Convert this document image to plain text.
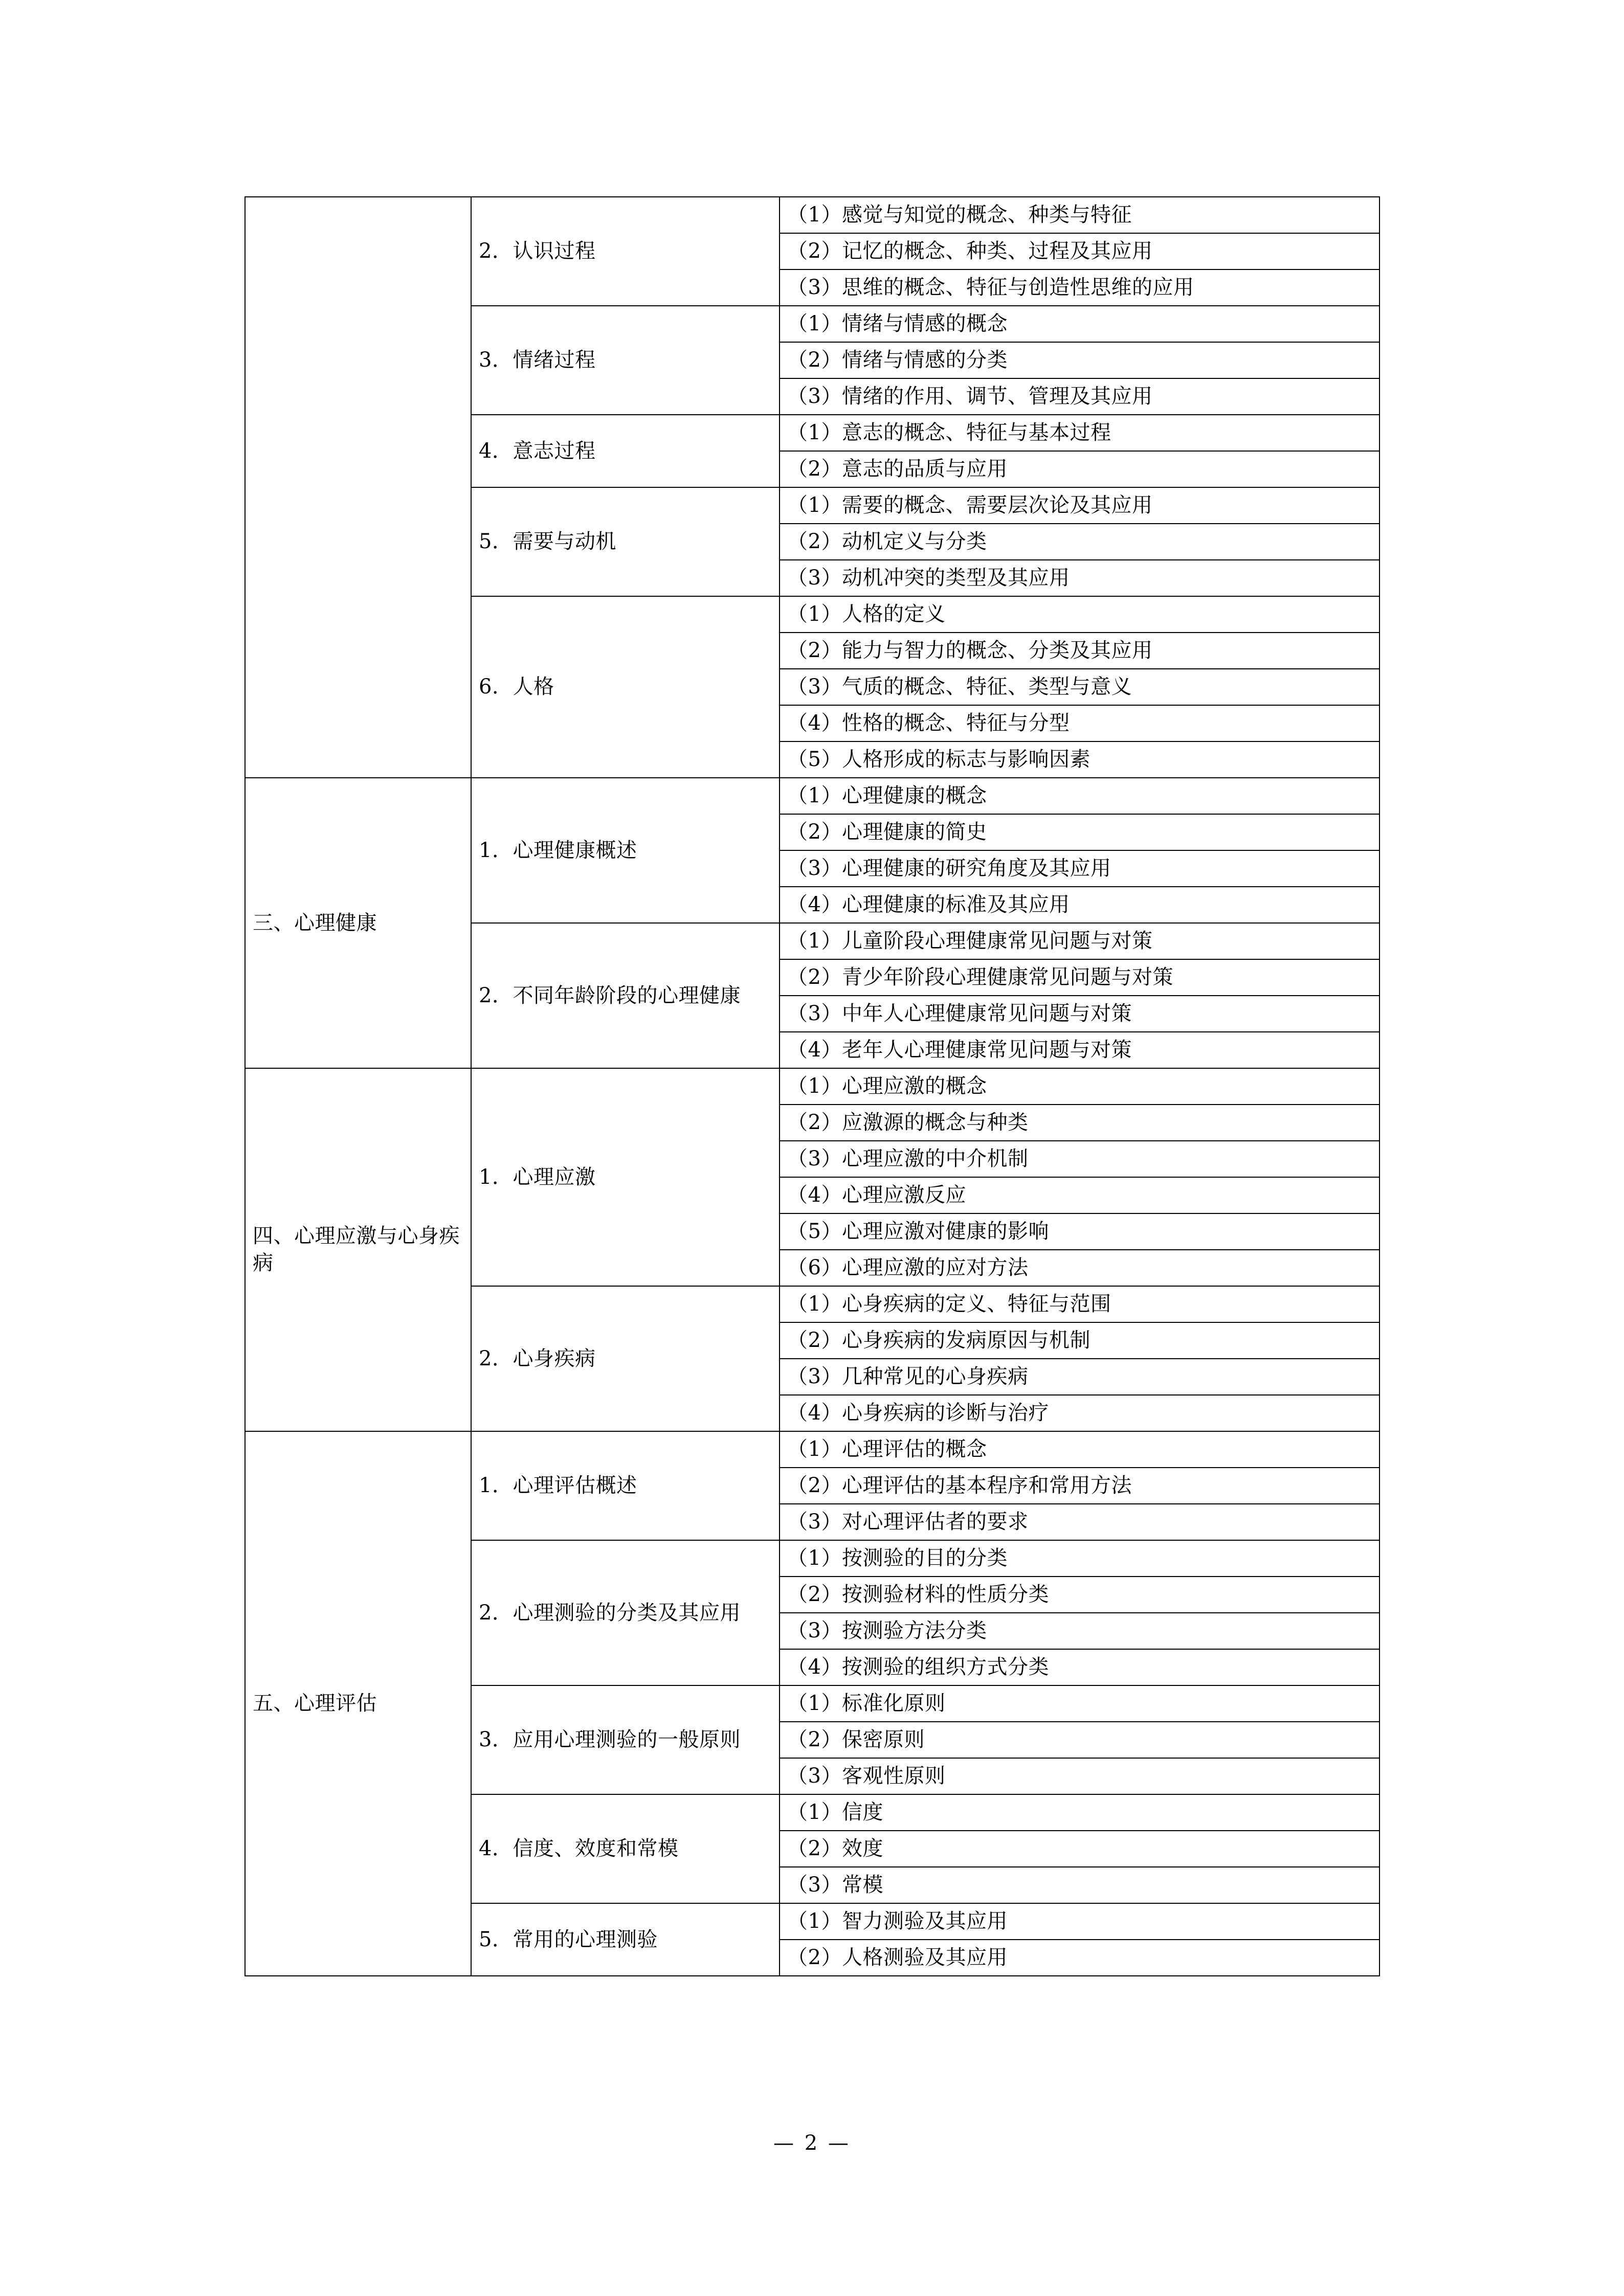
	2．认识过程	（1）感觉与知觉的概念、种类与特征
		（2）记忆的概念、种类、过程及其应用
		（3）思维的概念、特征与创造性思维的应用
	3．情绪过程	（1）情绪与情感的概念
		（2）情绪与情感的分类
		（3）情绪的作用、调节、管理及其应用
	4．意志过程	（1）意志的概念、特征与基本过程
		（2）意志的品质与应用
	5．需要与动机	（1）需要的概念、需要层次论及其应用
		（2）动机定义与分类
		（3）动机冲突的类型及其应用
	6．人格	（1）人格的定义
		（2）能力与智力的概念、分类及其应用
		（3）气质的概念、特征、类型与意义
		（4）性格的概念、特征与分型
		（5）人格形成的标志与影响因素
三、心理健康	1．心理健康概述	（1）心理健康的概念
		（2）心理健康的简史
		（3）心理健康的研究角度及其应用
		（4）心理健康的标准及其应用
	2．不同年龄阶段的心理健康	（1）儿童阶段心理健康常见问题与对策
		（2）青少年阶段心理健康常见问题与对策
		（3）中年人心理健康常见问题与对策
		（4）老年人心理健康常见问题与对策
四、心理应激与心身疾病	1．心理应激	（1）心理应激的概念
		（2）应激源的概念与种类
		（3）心理应激的中介机制
		（4）心理应激反应
		（5）心理应激对健康的影响
		（6）心理应激的应对方法
	2．心身疾病	（1）心身疾病的定义、特征与范围
		（2）心身疾病的发病原因与机制
		（3）几种常见的心身疾病
		（4）心身疾病的诊断与治疗
五、心理评估	1．心理评估概述	（1）心理评估的概念
		（2）心理评估的基本程序和常用方法
		（3）对心理评估者的要求
	2．心理测验的分类及其应用	（1）按测验的目的分类
		（2）按测验材料的性质分类
		（3）按测验方法分类
		（4）按测验的组织方式分类
	3．应用心理测验的一般原则	（1）标准化原则
		（2）保密原则
		（3）客观性原则
	4．信度、效度和常模	（1）信度
		（2）效度
		（3）常模
	5．常用的心理测验	（1）智力测验及其应用
		（2）人格测验及其应用
— 2 —
